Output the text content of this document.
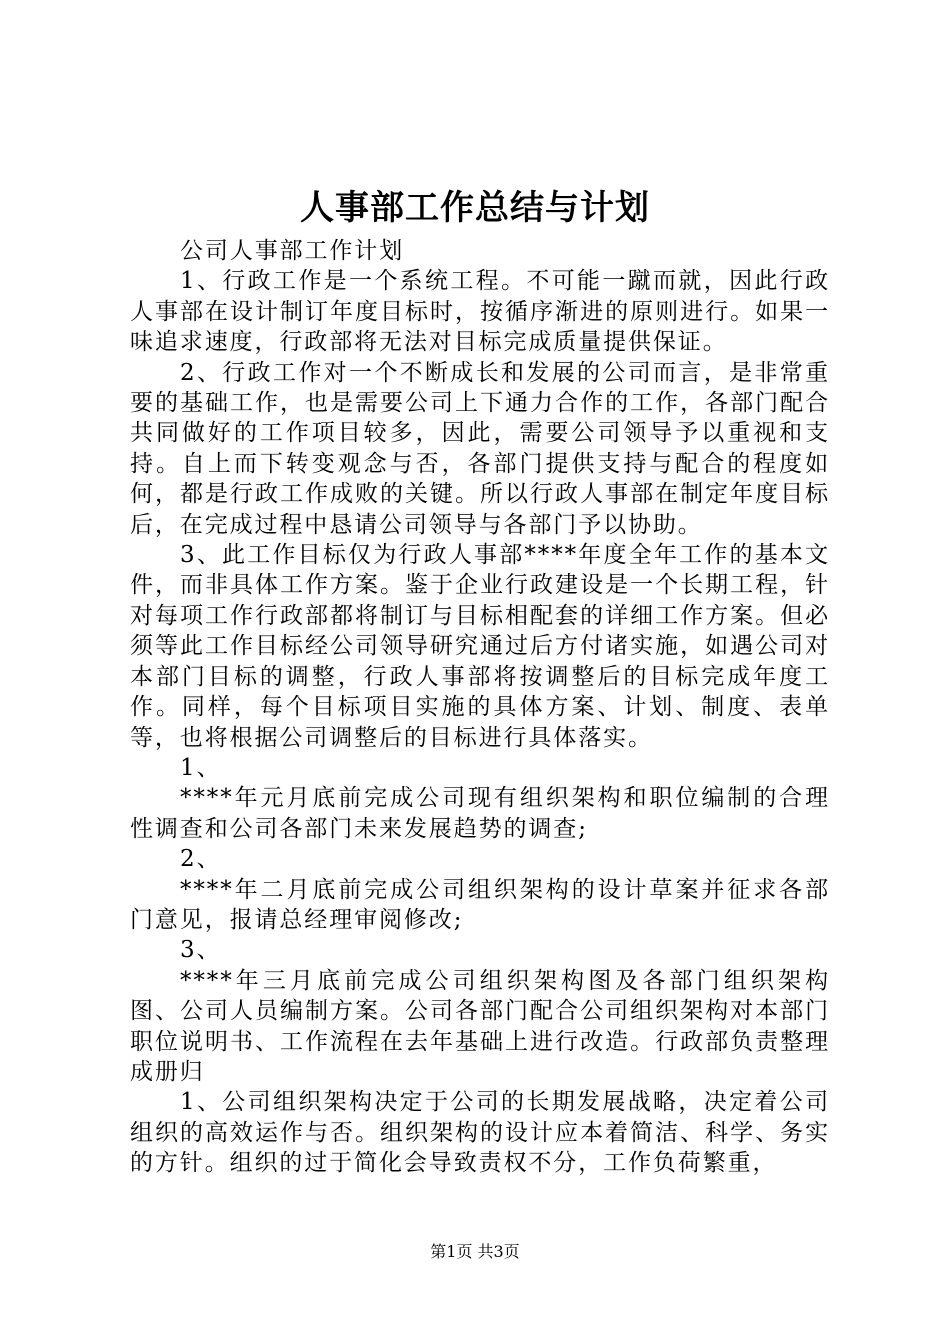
人事部工作总结与计划

公司人事部工作计划

1、行政工作是一个系统工程。不可能一蹴而就，因此行政人事部在设计制订年度目标时，按循序渐进的原则进行。如果一味追求速度，行政部将无法对目标完成质量提供保证。

2、行政工作对一个不断成长和发展的公司而言，是非常重要的基础工作，也是需要公司上下通力合作的工作，各部门配合共同做好的工作项目较多，因此，需要公司领导予以重视和支持。自上而下转变观念与否，各部门提供支持与配合的程度如何，都是行政工作成败的关键。所以行政人事部在制定年度目标后，在完成过程中恳请公司领导与各部门予以协助。

3、此工作目标仅为行政人事部****年度全年工作的基本文件，而非具体工作方案。鉴于企业行政建设是一个长期工程，针对每项工作行政部都将制订与目标相配套的详细工作方案。但必须等此工作目标经公司领导研究通过后方付诸实施，如遇公司对本部门目标的调整，行政人事部将按调整后的目标完成年度工作。同样，每个目标项目实施的具体方案、计划、制度、表单等，也将根据公司调整后的目标进行具体落实。

1、

****年元月底前完成公司现有组织架构和职位编制的合理性调查和公司各部门未来发展趋势的调查;

2、

****年二月底前完成公司组织架构的设计草案并征求各部门意见，报请总经理审阅修改;

3、

****年三月底前完成公司组织架构图及各部门组织架构图、公司人员编制方案。公司各部门配合公司组织架构对本部门职位说明书、工作流程在去年基础上进行改造。行政部负责整理成册归

1、公司组织架构决定于公司的长期发展战略，决定着公司组织的高效运作与否。组织架构的设计应本着简洁、科学、务实的方针。组织的过于简化会导致责权不分，工作负荷繁重，

第1页 共3页
